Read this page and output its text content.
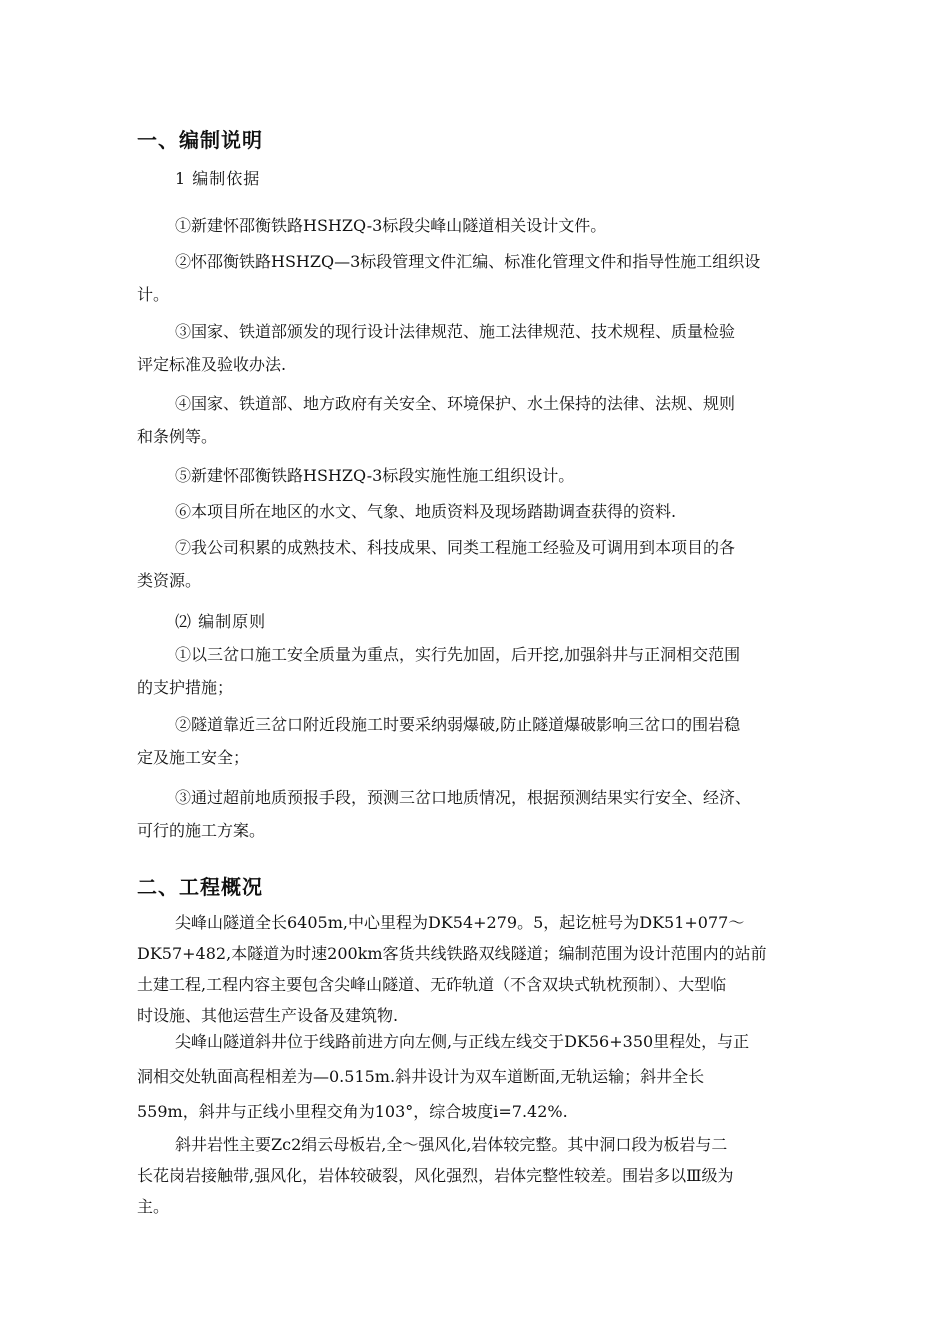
一、编制说明
1 编制依据
①新建怀邵衡铁路HSHZQ-3标段尖峰山隧道相关设计文件。
②怀邵衡铁路HSHZQ—3标段管理文件汇编、标准化管理文件和指导性施工组织设
计。
③国家、铁道部颁发的现行设计法律规范、施工法律规范、技术规程、质量检验
评定标准及验收办法.
④国家、铁道部、地方政府有关安全、环境保护、水土保持的法律、法规、规则
和条例等。
⑤新建怀邵衡铁路HSHZQ-3标段实施性施工组织设计。
⑥本项目所在地区的水文、气象、地质资料及现场踏勘调查获得的资料.
⑦我公司积累的成熟技术、科技成果、同类工程施工经验及可调用到本项目的各
类资源。
⑵ 编制原则
①以三岔口施工安全质量为重点，实行先加固，后开挖,加强斜井与正洞相交范围
的支护措施；
②隧道靠近三岔口附近段施工时要采纳弱爆破,防止隧道爆破影响三岔口的围岩稳
定及施工安全；
③通过超前地质预报手段，预测三岔口地质情况，根据预测结果实行安全、经济、
可行的施工方案。
二、工程概况
尖峰山隧道全长6405m,中心里程为DK54+279。5，起讫桩号为DK51+077～
DK57+482,本隧道为时速200km客货共线铁路双线隧道；编制范围为设计范围内的站前
土建工程,工程内容主要包含尖峰山隧道、无砟轨道（不含双块式轨枕预制）、大型临
时设施、其他运营生产设备及建筑物.
尖峰山隧道斜井位于线路前进方向左侧,与正线左线交于DK56+350里程处，与正
洞相交处轨面高程相差为—0.515m.斜井设计为双车道断面,无轨运输；斜井全长
559m，斜井与正线小里程交角为103°，综合坡度i=7.42%.
斜井岩性主要Zc2绢云母板岩,全～强风化,岩体较完整。其中洞口段为板岩与二
长花岗岩接触带,强风化，岩体较破裂，风化强烈，岩体完整性较差。围岩多以Ⅲ级为
主。
